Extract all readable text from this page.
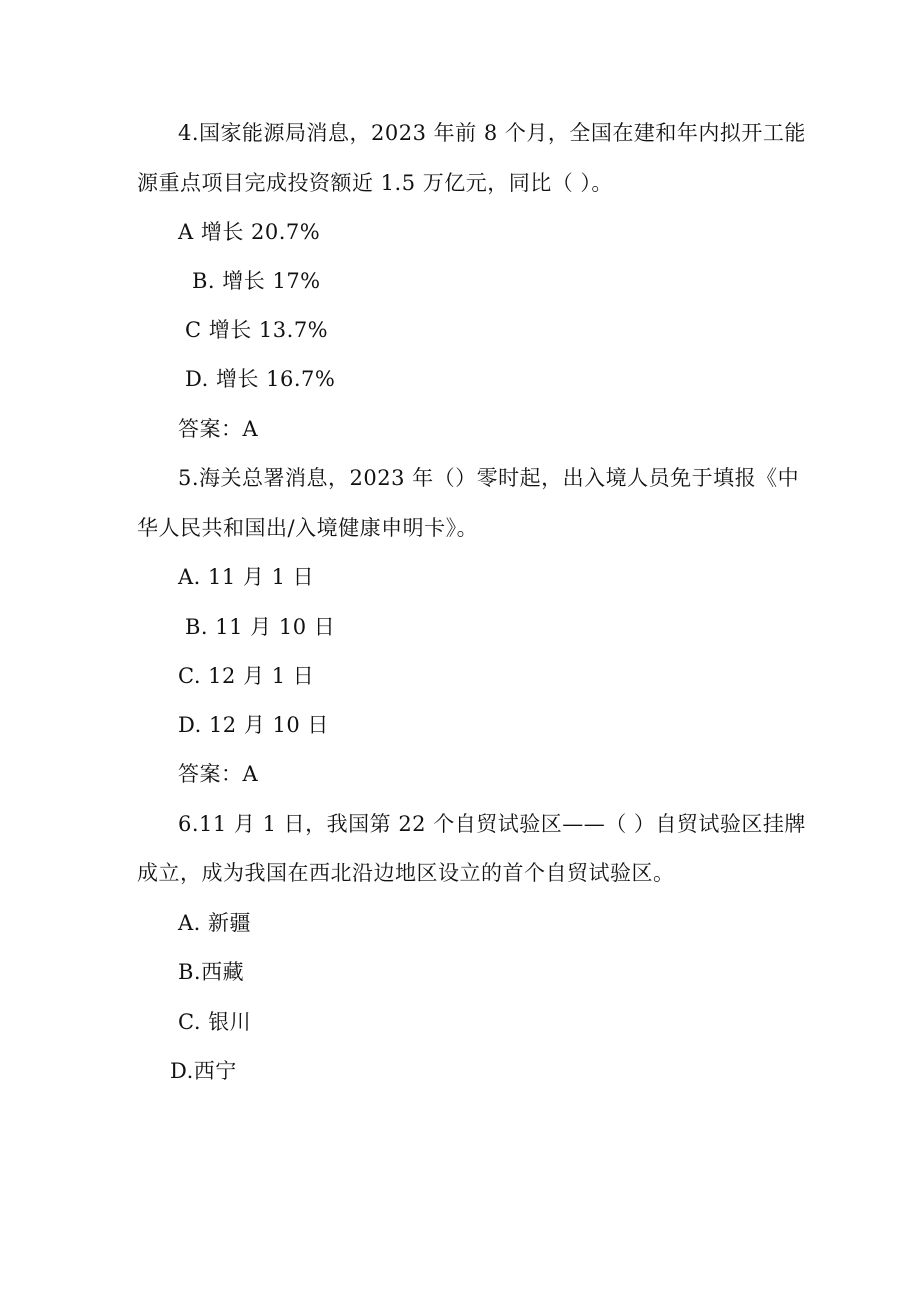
4.国家能源局消息，2023 年前 8 个月，全国在建和年内拟开工能
源重点项目完成投资额近 1.5 万亿元，同比（ ）。
A 增长 20.7%
B. 增长 17%
C 增长 13.7%
D. 增长 16.7%
答案：A
5.海关总署消息，2023 年（）零时起，出入境人员免于填报《中
华人民共和国出/入境健康申明卡》。
A. 11 月 1 日
B. 11 月 10 日
C. 12 月 1 日
D. 12 月 10 日
答案：A
6.11 月 1 日，我国第 22 个自贸试验区——（ ）自贸试验区挂牌
成立，成为我国在西北沿边地区设立的首个自贸试验区。
A. 新疆
B.西藏
C. 银川
D.西宁
